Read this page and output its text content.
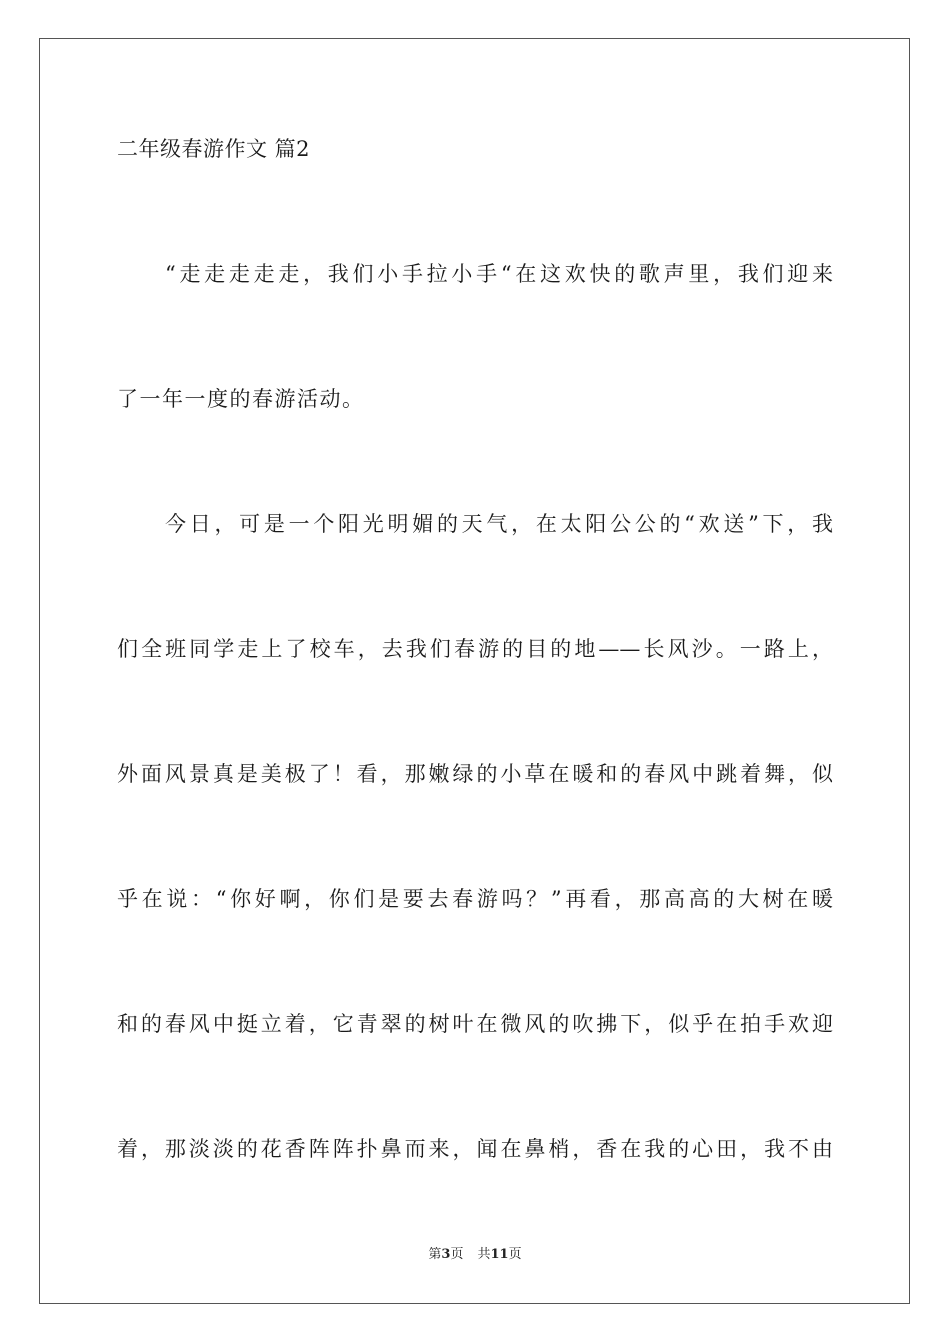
二年级春游作文 篇2
“走走走走走，我们小手拉小手“在这欢快的歌声里，我们迎来
了一年一度的春游活动。
今日，可是一个阳光明媚的天气，在太阳公公的“欢送”下，我
们全班同学走上了校车，去我们春游的目的地——长风沙。一路上，
外面风景真是美极了！看，那嫩绿的小草在暖和的春风中跳着舞，似
乎在说：“你好啊，你们是要去春游吗？”再看，那高高的大树在暖
和的春风中挺立着，它青翠的树叶在微风的吹拂下，似乎在拍手欢迎
着，那淡淡的花香阵阵扑鼻而来，闻在鼻梢，香在我的心田，我不由
第3页 共11页
